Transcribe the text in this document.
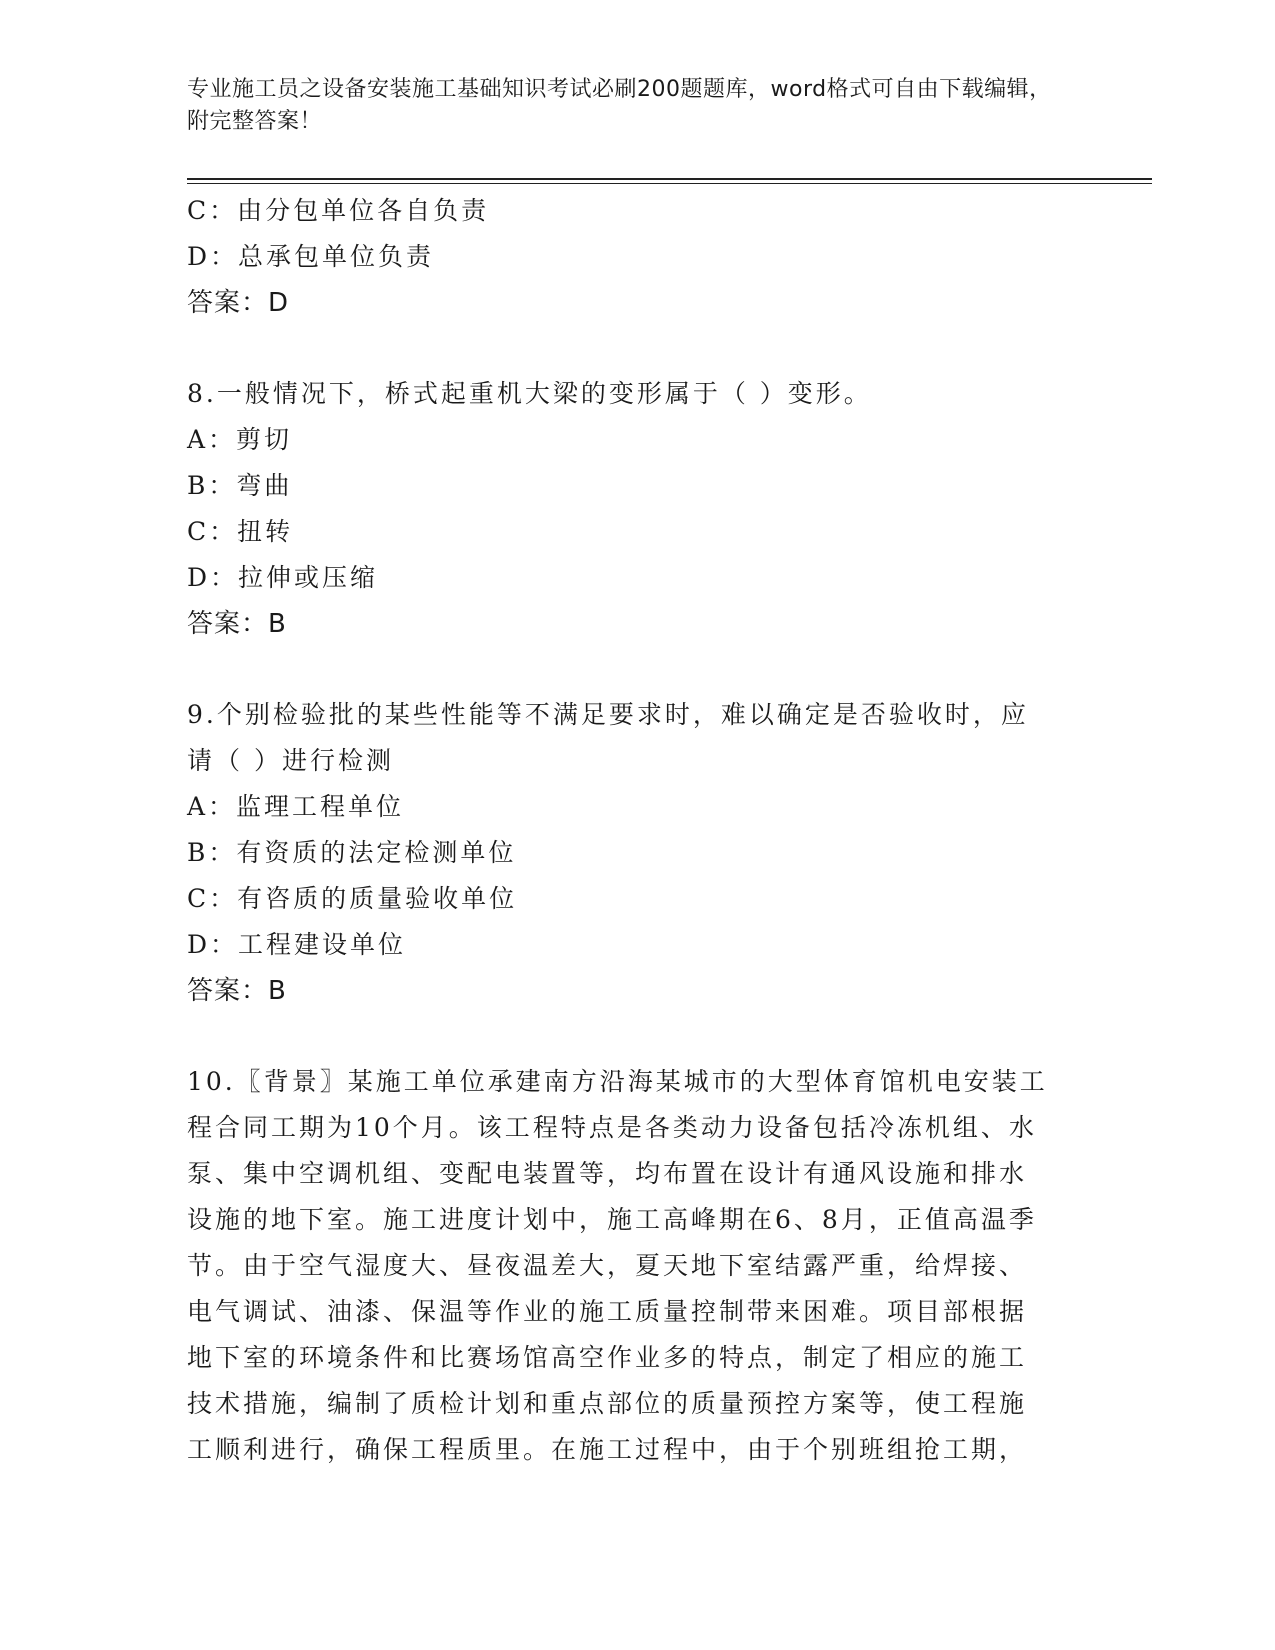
专业施工员之设备安装施工基础知识考试必刷200题题库，word格式可自由下载编辑，附完整答案！
C：由分包单位各自负责
D：总承包单位负责
答案：D
8.一般情况下，桥式起重机大梁的变形属于（ ）变形。
A：剪切
B：弯曲
C：扭转
D：拉伸或压缩
答案：B
9.个别检验批的某些性能等不满足要求时，难以确定是否验收时，应
请（ ）进行检测
A：监理工程单位
B：有资质的法定检测单位
C：有咨质的质量验收单位
D：工程建设单位
答案：B
10.〖背景〗某施工单位承建南方沿海某城市的大型体育馆机电安装工
程合同工期为10个月。该工程特点是各类动力设备包括冷冻机组、水
泵、集中空调机组、变配电装置等，均布置在设计有通风设施和排水
设施的地下室。施工进度计划中，施工高峰期在6、8月，正值高温季
节。由于空气湿度大、昼夜温差大，夏天地下室结露严重，给焊接、
电气调试、油漆、保温等作业的施工质量控制带来困难。项目部根据
地下室的环境条件和比赛场馆高空作业多的特点，制定了相应的施工
技术措施，编制了质检计划和重点部位的质量预控方案等，使工程施
工顺利进行，确保工程质里。在施工过程中，由于个别班组抢工期，
